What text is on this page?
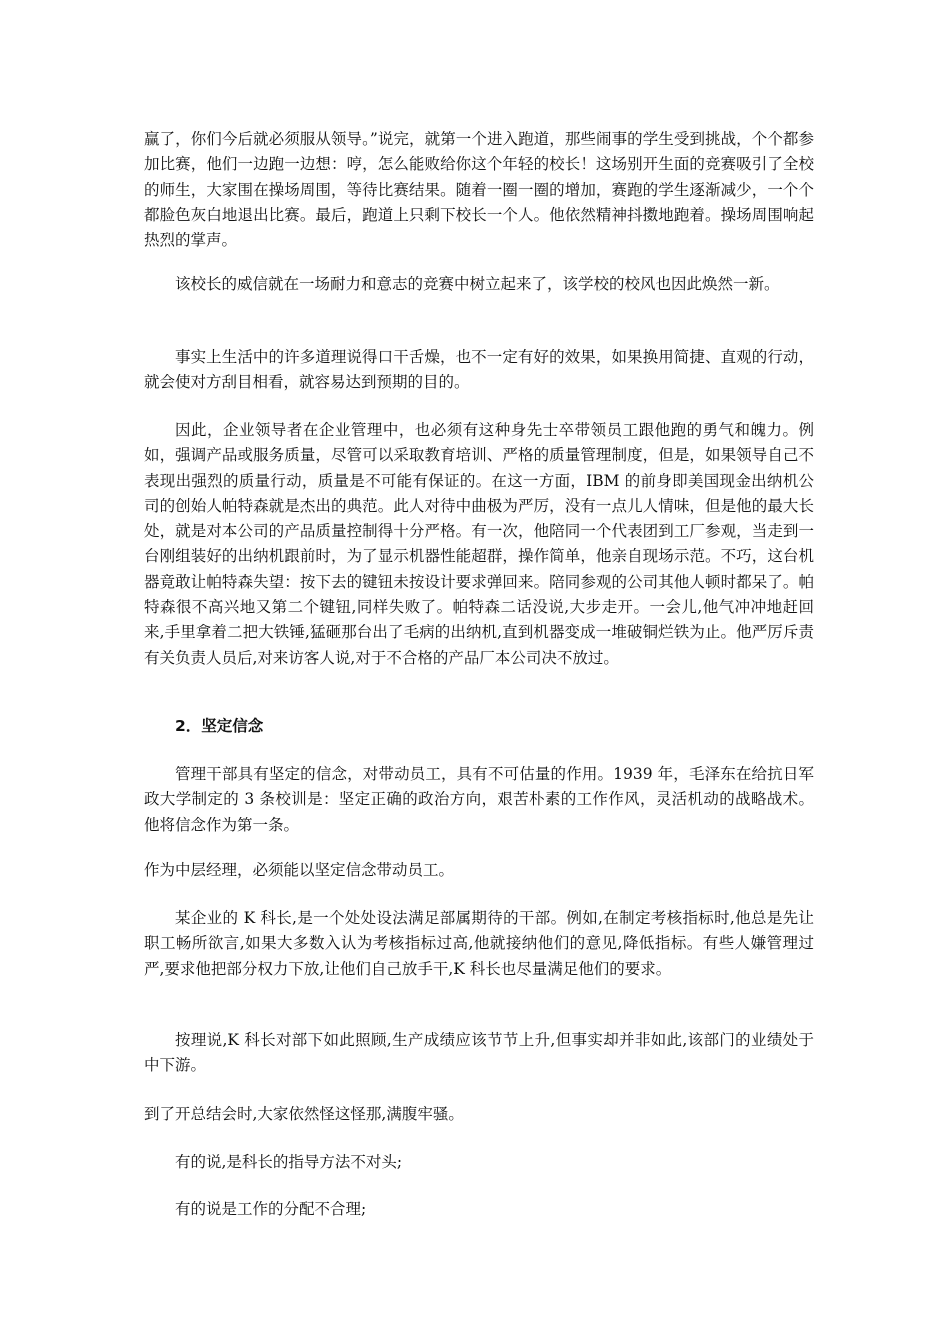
赢了，你们今后就必须服从领导。”说完，就第一个进入跑道，那些闹事的学生受到挑战，个个都参加比赛，他们一边跑一边想：哼，怎么能败给你这个年轻的校长！这场别开生面的竞赛吸引了全校的师生，大家围在操场周围，等待比赛结果。随着一圈一圈的增加，赛跑的学生逐渐减少，一个个都脸色灰白地退出比赛。最后，跑道上只剩下校长一个人。他依然精神抖擞地跑着。操场周围响起热烈的掌声。

该校长的威信就在一场耐力和意志的竞赛中树立起来了，该学校的校风也因此焕然一新。

事实上生活中的许多道理说得口干舌燥，也不一定有好的效果，如果换用简捷、直观的行动，就会使对方刮目相看，就容易达到预期的目的。

因此，企业领导者在企业管理中，也必须有这种身先士卒带领员工跟他跑的勇气和魄力。例如，强调产品或服务质量，尽管可以采取教育培训、严格的质量管理制度，但是，如果领导自己不表现出强烈的质量行动，质量是不可能有保证的。在这一方面，IBM 的前身即美国现金出纳机公司的创始人帕特森就是杰出的典范。此人对待中曲极为严厉，没有一点儿人情味，但是他的最大长处，就是对本公司的产品质量控制得十分严格。有一次，他陪同一个代表团到工厂参观，当走到一台刚组装好的出纳机跟前时，为了显示机器性能超群，操作简单，他亲自现场示范。不巧，这台机器竟敢让帕特森失望：按下去的键钮未按设计要求弹回来。陪同参观的公司其他人顿时都呆了。帕特森很不高兴地又第二个键钮,同样失败了。帕特森二话没说,大步走开。一会儿,他气冲冲地赶回来,手里拿着二把大铁锤,猛砸那台出了毛病的出纳机,直到机器变成一堆破铜烂铁为止。他严厉斥责有关负责人员后,对来访客人说,对于不合格的产品厂本公司决不放过。

2．坚定信念

管理干部具有坚定的信念，对带动员工，具有不可估量的作用。1939 年，毛泽东在给抗日军政大学制定的 3 条校训是：坚定正确的政治方向，艰苦朴素的工作作风，灵活机动的战略战术。他将信念作为第一条。

作为中层经理，必须能以坚定信念带动员工。

某企业的 K 科长,是一个处处设法满足部属期待的干部。例如,在制定考核指标时,他总是先让职工畅所欲言,如果大多数入认为考核指标过高,他就接纳他们的意见,降低指标。有些人嫌管理过严,要求他把部分权力下放,让他们自己放手干,K 科长也尽量满足他们的要求。

按理说,K 科长对部下如此照顾,生产成绩应该节节上升,但事实却并非如此,该部门的业绩处于中下游。

到了开总结会时,大家依然怪这怪那,满腹牢骚。

有的说,是科长的指导方法不对头;

有的说是工作的分配不合理;
